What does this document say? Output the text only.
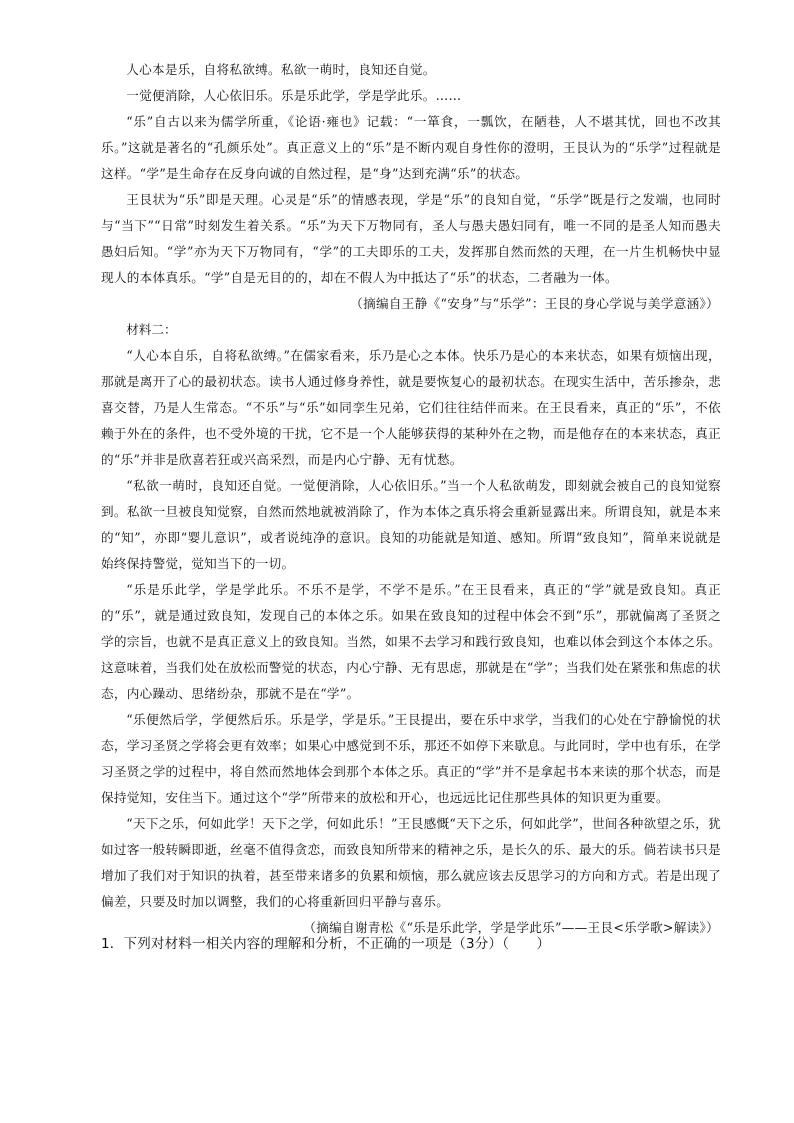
人心本是乐，自将私欲缚。私欲一萌时，良知还自觉。

一觉便消除，人心依旧乐。乐是乐此学，学是学此乐。……

“乐”自古以来为儒学所重，《论语·雍也》记载：“一箪食，一瓢饮，在陋巷，人不堪其忧，回也不改其乐。”这就是著名的“孔颜乐处”。真正意义上的“乐”是不断内观自身性你的澄明，王艮认为的“乐学”过程就是这样。“学”是生命存在反身向诚的自然过程，是“身”达到充满“乐”的状态。

王艮状为“乐”即是天理。心灵是“乐”的情感表现，学是“乐”的良知自觉，“乐学”既是行之发端，也同时与“当下”“日常”时刻发生着关系。“乐”为天下万物同有，圣人与愚夫愚妇同有，唯一不同的是圣人知而愚夫愚妇后知。“学”亦为天下万物同有，“学”的工夫即乐的工夫，发挥那自然而然的天理，在一片生机畅快中显现人的本体真乐。“学”自是无目的的，却在不假人为中抵达了“乐”的状态，二者融为一体。

（摘编自王静《“安身”与“乐学”：王艮的身心学说与美学意涵》）

材料二：

“人心本自乐，自将私欲缚。”在儒家看来，乐乃是心之本体。快乐乃是心的本来状态，如果有烦恼出现，那就是离开了心的最初状态。读书人通过修身养性，就是要恢复心的最初状态。在现实生活中，苦乐掺杂，悲喜交替，乃是人生常态。“不乐”与“乐”如同孪生兄弟，它们往往结伴而来。在王艮看来，真正的“乐”，不依赖于外在的条件，也不受外境的干扰，它不是一个人能够获得的某种外在之物，而是他存在的本来状态，真正的“乐”并非是欣喜若狂或兴高采烈，而是内心宁静、无有忧愁。

“私欲一萌时，良知还自觉。一觉便消除，人心依旧乐。”当一个人私欲萌发，即刻就会被自己的良知觉察到。私欲一旦被良知觉察，自然而然地就被消除了，作为本体之真乐将会重新显露出来。所谓良知，就是本来的“知”，亦即“婴儿意识”，或者说纯净的意识。良知的功能就是知道、感知。所谓“致良知”，简单来说就是始终保持警觉，觉知当下的一切。

“乐是乐此学，学是学此乐。不乐不是学，不学不是乐。”在王艮看来，真正的“学”就是致良知。真正的“乐”，就是通过致良知，发现自己的本体之乐。如果在致良知的过程中体会不到“乐”，那就偏离了圣贤之学的宗旨，也就不是真正意义上的致良知。当然，如果不去学习和践行致良知，也难以体会到这个本体之乐。这意味着，当我们处在放松而警觉的状态，内心宁静、无有思虑，那就是在“学”；当我们处在紧张和焦虑的状态，内心躁动、思绪纷杂，那就不是在“学”。

“乐便然后学，学便然后乐。乐是学，学是乐。”王艮提出，要在乐中求学，当我们的心处在宁静愉悦的状态，学习圣贤之学将会更有效率；如果心中感觉到不乐，那还不如停下来歇息。与此同时，学中也有乐，在学习圣贤之学的过程中，将自然而然地体会到那个本体之乐。真正的“学”并不是拿起书本来读的那个状态，而是保持觉知，安住当下。通过这个“学”所带来的放松和开心，也远远比记住那些具体的知识更为重要。

“天下之乐，何如此学！天下之学，何如此乐！”王艮感慨“天下之乐，何如此学”，世间各种欲望之乐，犹如过客一般转瞬即逝，丝毫不值得贪恋，而致良知所带来的精神之乐，是长久的乐、最大的乐。倘若读书只是增加了我们对于知识的执着，甚至带来诸多的负累和烦恼，那么就应该去反思学习的方向和方式。若是出现了偏差，只要及时加以调整，我们的心将重新回归平静与喜乐。

（摘编自谢青松《“乐是乐此学，学是学此乐”——王艮<乐学歌>解读》）

1．下列对材料一相关内容的理解和分析，不正确的一项是（3分）（　　）
